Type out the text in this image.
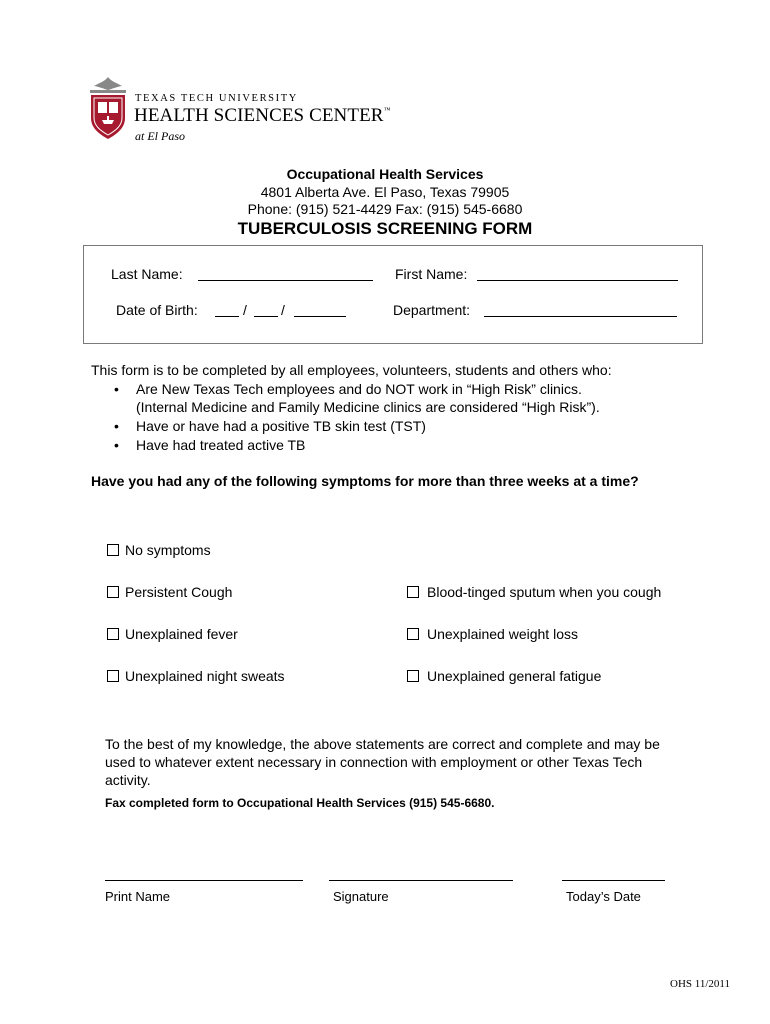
TEXAS TECH UNIVERSITY
HEALTH SCIENCES CENTER™
at El Paso
Occupational Health Services
4801 Alberta Ave. El Paso, Texas 79905
Phone: (915) 521-4429 Fax: (915) 545-6680
TUBERCULOSIS SCREENING FORM
Last Name:	First Name:
Date of Birth:	/ /	Department:
This form is to be completed by all employees, volunteers, students and others who:
• Are New Texas Tech employees and do NOT work in “High Risk” clinics.
(Internal Medicine and Family Medicine clinics are considered “High Risk”).
• Have or have had a positive TB skin test (TST)
• Have had treated active TB
Have you had any of the following symptoms for more than three weeks at a time?
No symptoms
Persistent Cough	Blood-tinged sputum when you cough
Unexplained fever	Unexplained weight loss
Unexplained night sweats	Unexplained general fatigue
To the best of my knowledge, the above statements are correct and complete and may be used to whatever extent necessary in connection with employment or other Texas Tech activity.
Fax completed form to Occupational Health Services (915) 545-6680.
Print Name	Signature	Today’s Date
OHS 11/2011
